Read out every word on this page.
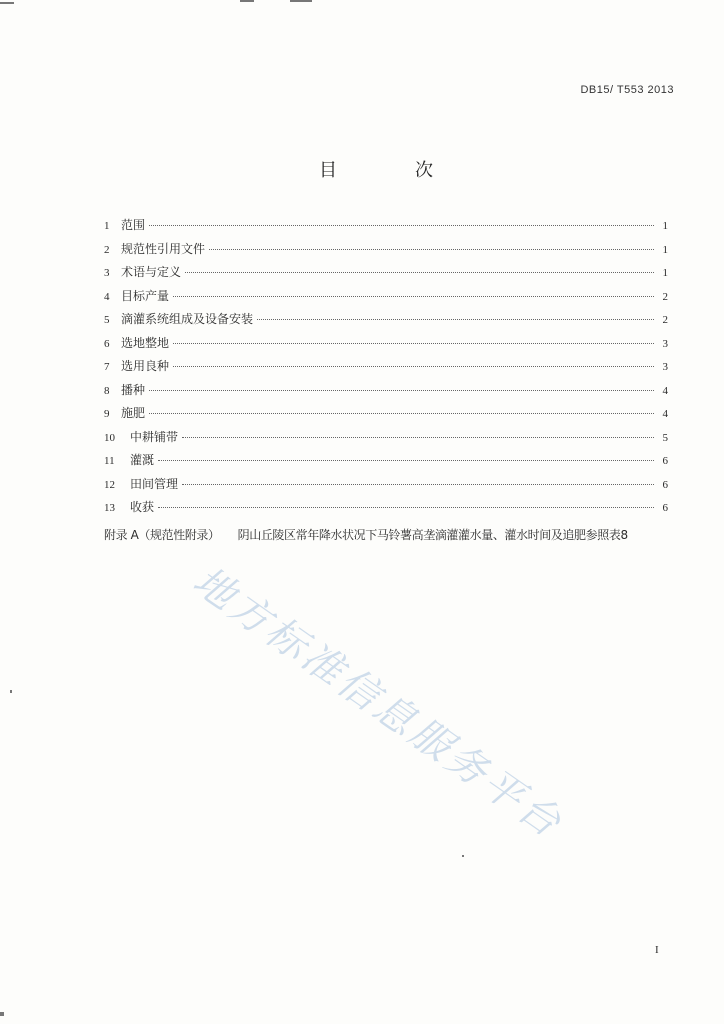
DB15/ T553 2013
目　次
1 范围	1
2 规范性引用文件	1
3 术语与定义	1
4 目标产量	2
5 滴灌系统组成及设备安装	2
6 选地整地	3
7 选用良种	3
8 播种	4
9 施肥	4
10	中耕铺带	5
11	灌溉	6
12	田间管理	6
13	收获	6
附录 A（规范性附录） 阴山丘陵区常年降水状况下马铃薯高垄滴灌灌水量、灌水时间及追肥参照表8
地方标准信息服务平台
I
